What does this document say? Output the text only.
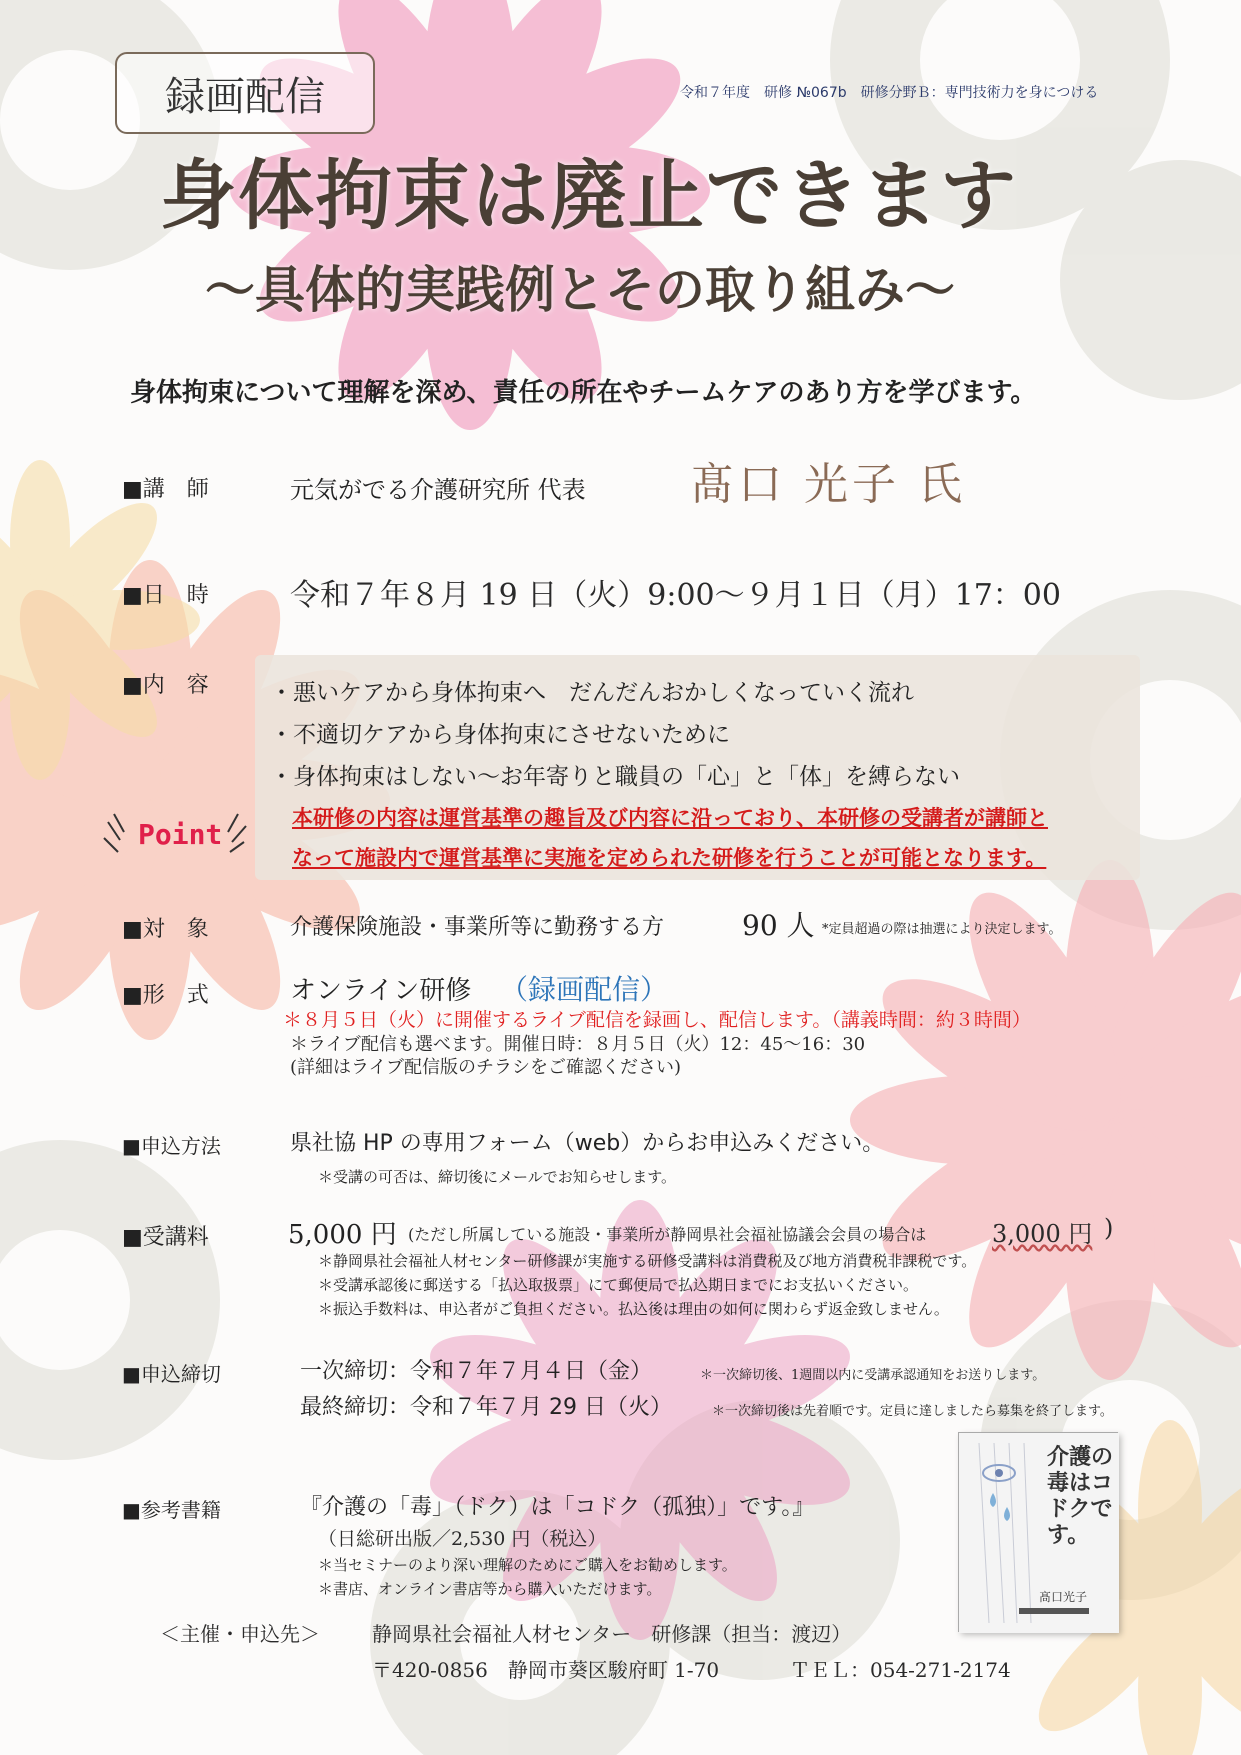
録画配信	令和７年度　研修 №067b　研修分野Ｂ：専門技術力を身につける
身体拘束は廃止できます
～具体的実践例とその取り組み～
身体拘束について理解を深め、責任の所在やチームケアのあり方を学びます。
■講　師	元気がでる介護研究所 代表 髙口 光子 氏
■日　時	令和７年８月 19 日（火）9:00～９月１日（月）17：00
■内　容	・悪いケアから身体拘束へ　だんだんおかしくなっていく流れ
・不適切ケアから身体拘束にさせないために
・身体拘束はしない～お年寄りと職員の「心」と「体」を縛らない
本研修の内容は運営基準の趣旨及び内容に沿っており、本研修の受講者が講師と
なって施設内で運営基準に実施を定められた研修を行うことが可能となります。
Point
■対　象	介護保険施設・事業所等に勤務する方	90 人 *定員超過の際は抽選により決定します。
■形　式	オンライン研修 （録画配信）
＊８月５日（火）に開催するライブ配信を録画し、配信します。（講義時間：約３時間）
＊ライブ配信も選べます。開催日時：８月５日（火）12：45～16：30
(詳細はライブ配信版のチラシをご確認ください)
■申込方法	県社協 HP の専用フォーム（web）からお申込みください。
＊受講の可否は、締切後にメールでお知らせします。
■受講料	5,000 円 (ただし所属している施設・事業所が静岡県社会福祉協議会会員の場合は	3,000 円 )
＊静岡県社会福祉人材センター研修課が実施する研修受講料は消費税及び地方消費税非課税です。
＊受講承認後に郵送する「払込取扱票」にて郵便局で払込期日までにお支払いください。
＊振込手数料は、申込者がご負担ください。払込後は理由の如何に関わらず返金致しません。
■申込締切	一次締切：令和７年７月４日（金）	＊一次締切後、1週間以内に受講承認通知をお送りします。
最終締切：令和７年７月 29 日（火）	＊一次締切後は先着順です。定員に達しましたら募集を終了します。
■参考書籍	『介護の「毒」（ドク）は「コドク（孤独）」です。』
（日総研出版／2,530 円（税込）
＊当セミナーのより深い理解のためにご購入をお勧めします。
＊書店、オンライン書店等から購入いただけます。
介護の毒はコドクです。
髙口光子
＜主催・申込先＞	静岡県社会福祉人材センター　研修課（担当：渡辺）
〒420-0856　静岡市葵区駿府町 1-70	ＴＥＬ：054-271-2174
